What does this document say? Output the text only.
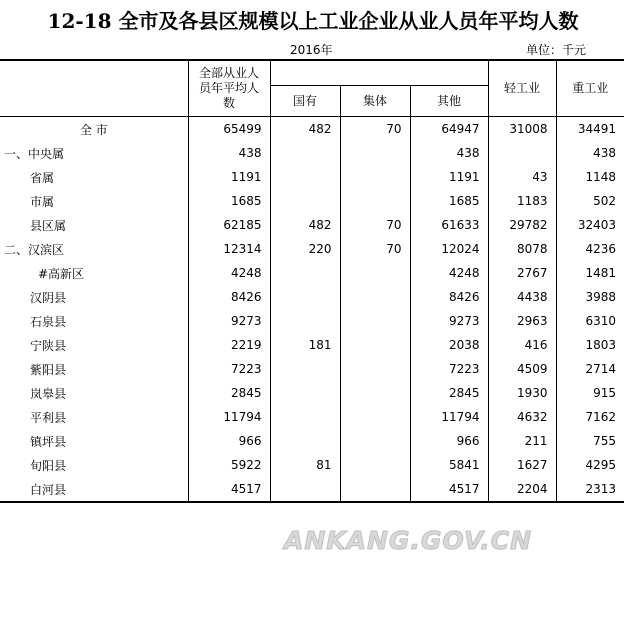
12-18 全市及各县区规模以上工业企业从业人员年平均人数
2016年	单位：千元
	全部从业人员年平均人数				轻工业	重工业
		国有	集体	其他		
全 市	65499	482	70	64947	31008	34491
一、中央属	438			438		438
省属	1191			1191	43	1148
市属	1685			1685	1183	502
县区属	62185	482	70	61633	29782	32403
二、汉滨区	12314	220	70	12024	8078	4236
#高新区	4248			4248	2767	1481
汉阴县	8426			8426	4438	3988
石泉县	9273			9273	2963	6310
宁陕县	2219	181		2038	416	1803
紫阳县	7223			7223	4509	2714
岚皋县	2845			2845	1930	915
平利县	11794			11794	4632	7162
镇坪县	966			966	211	755
旬阳县	5922	81		5841	1627	4295
白河县	4517			4517	2204	2313
ANKANG.GOV.CN
